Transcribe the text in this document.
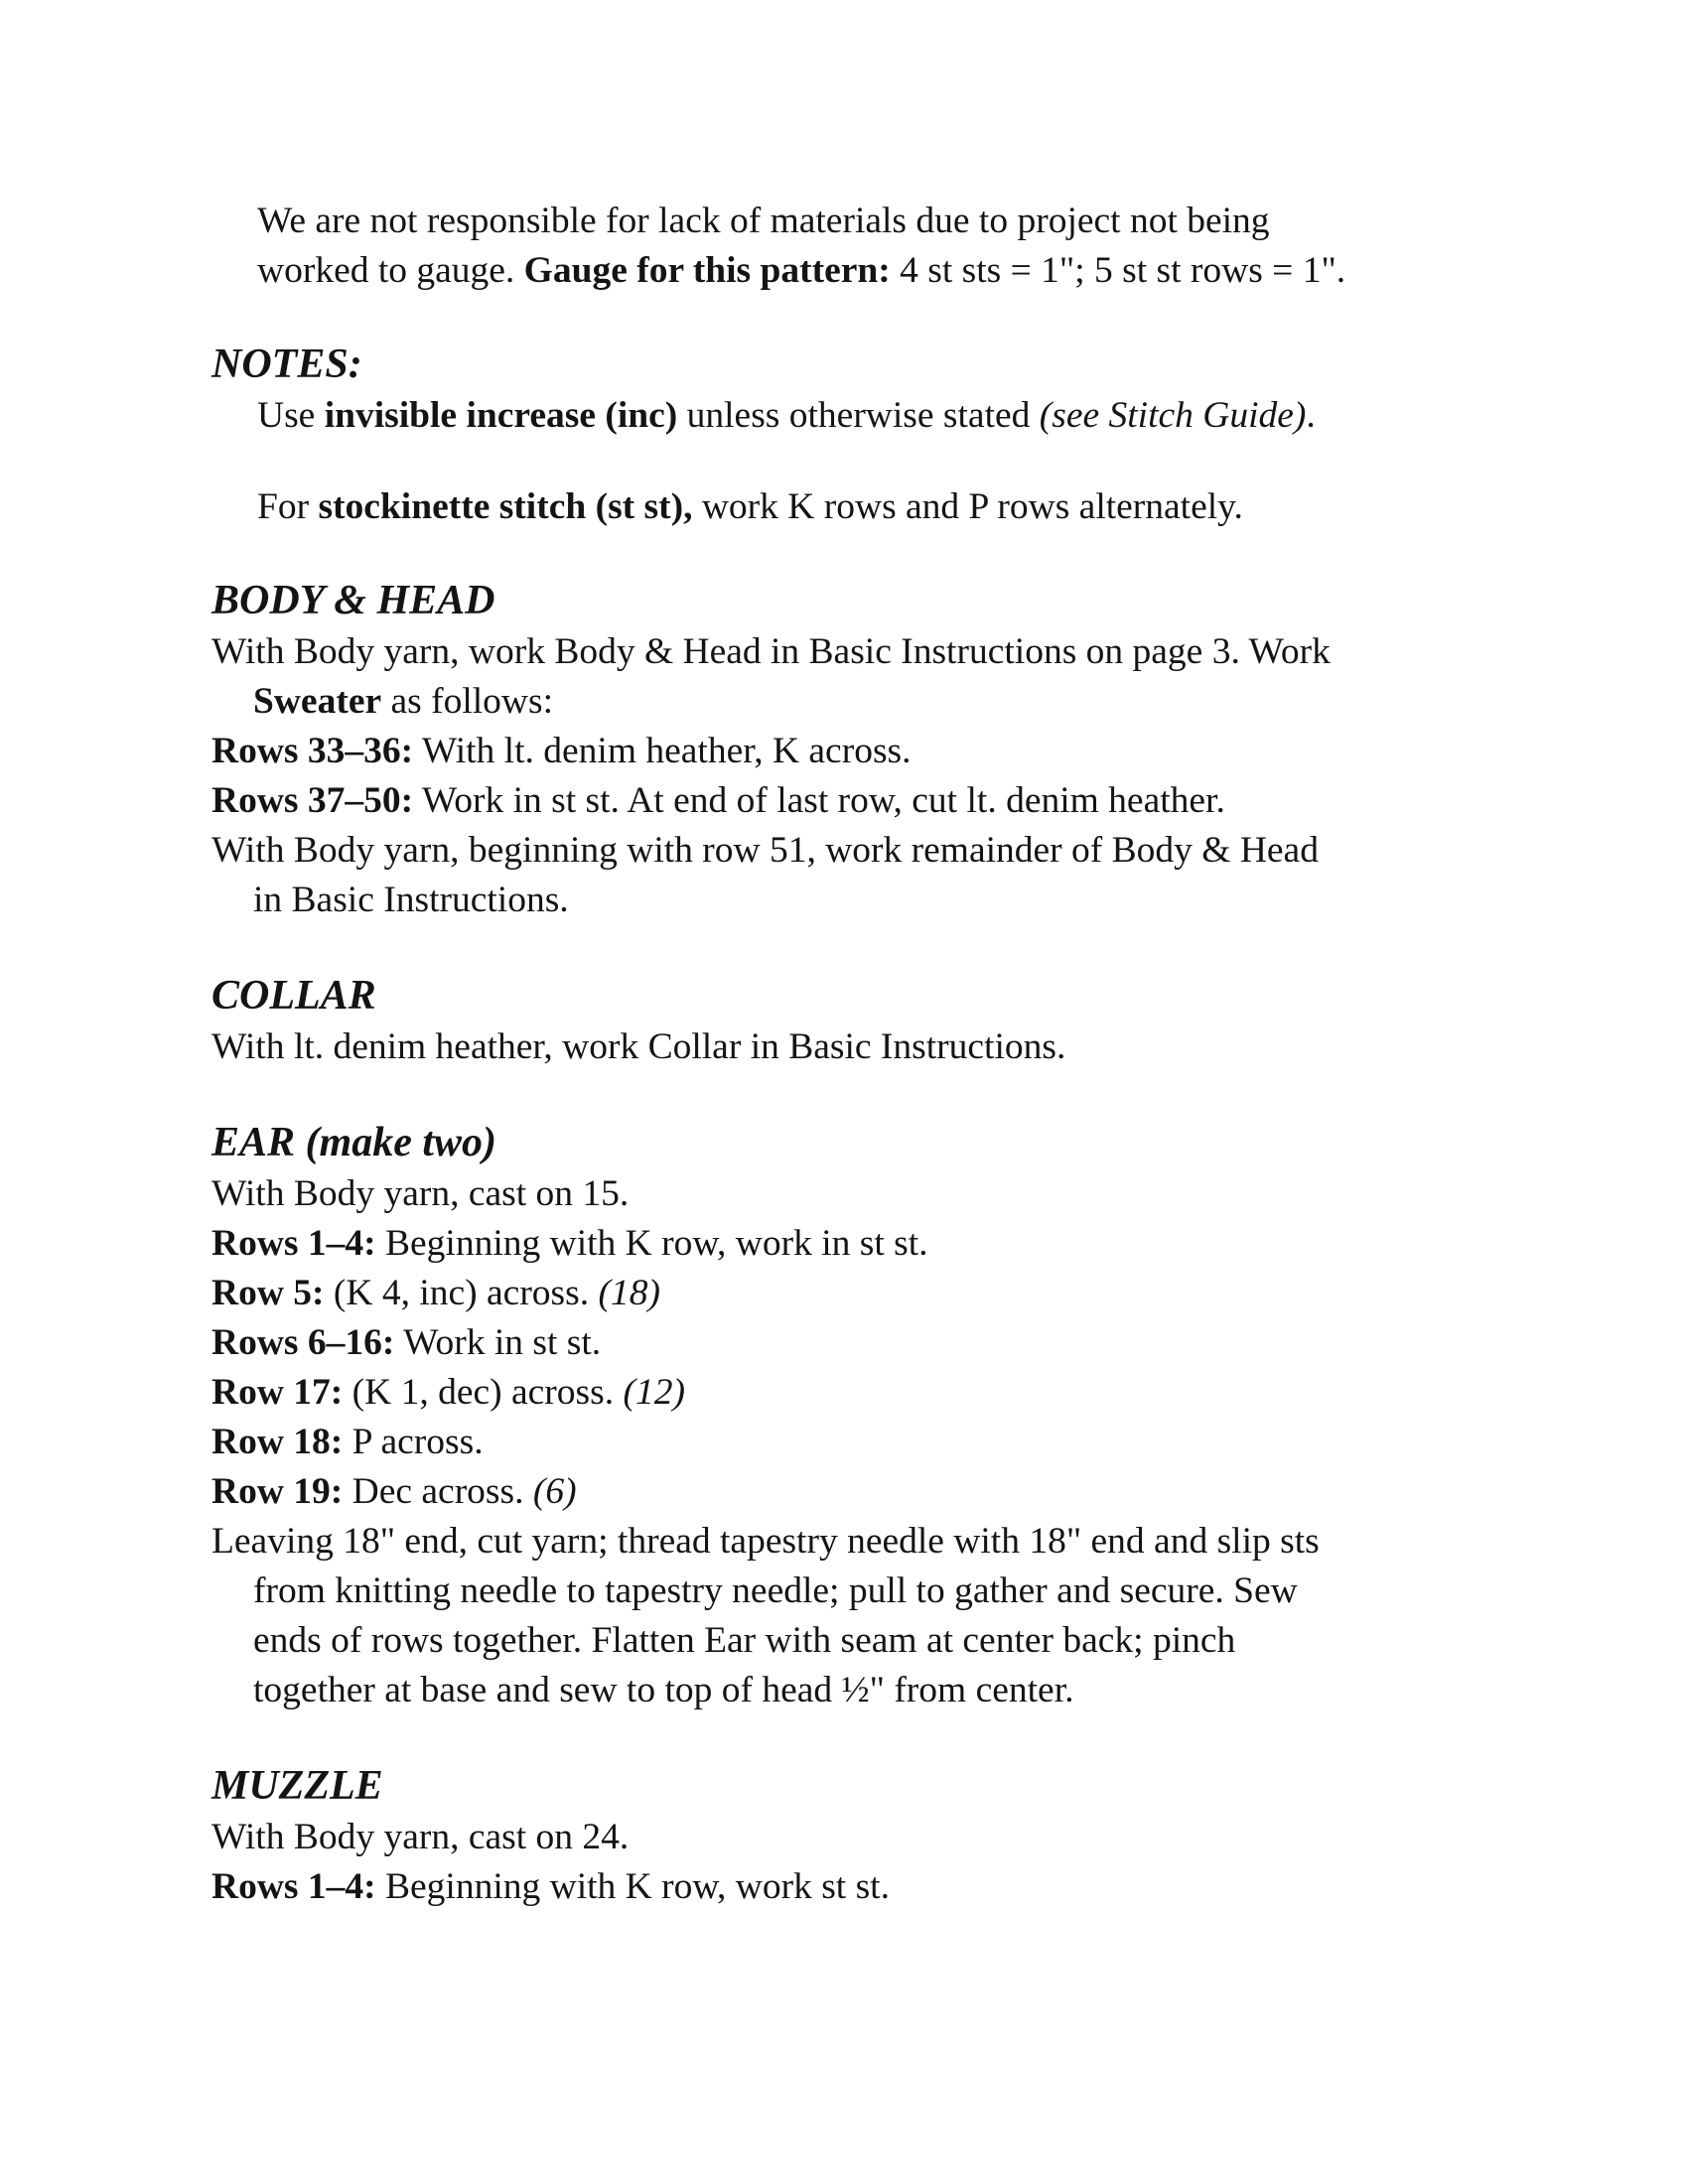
We are not responsible for lack of materials due to project not being

worked to gauge. Gauge for this pattern: 4 st sts = 1"; 5 st st rows = 1".

NOTES:

Use invisible increase (inc) unless otherwise stated (see Stitch Guide).

For stockinette stitch (st st), work K rows and P rows alternately.

BODY & HEAD

With Body yarn, work Body & Head in Basic Instructions on page 3. Work
Sweater as follows:

Rows 33–36: With lt. denim heather, K across.

Rows 37–50: Work in st st. At end of last row, cut lt. denim heather.

With Body yarn, beginning with row 51, work remainder of Body & Head
in Basic Instructions.

COLLAR

With lt. denim heather, work Collar in Basic Instructions.

EAR (make two)

With Body yarn, cast on 15.

Rows 1–4: Beginning with K row, work in st st.

Row 5: (K 4, inc) across. (18)

Rows 6–16: Work in st st.

Row 17: (K 1, dec) across. (12)

Row 18: P across.

Row 19: Dec across. (6)

Leaving 18" end, cut yarn; thread tapestry needle with 18" end and slip sts
from knitting needle to tapestry needle; pull to gather and secure. Sew
ends of rows together. Flatten Ear with seam at center back; pinch
together at base and sew to top of head ½" from center.

MUZZLE

With Body yarn, cast on 24.

Rows 1–4: Beginning with K row, work st st.
